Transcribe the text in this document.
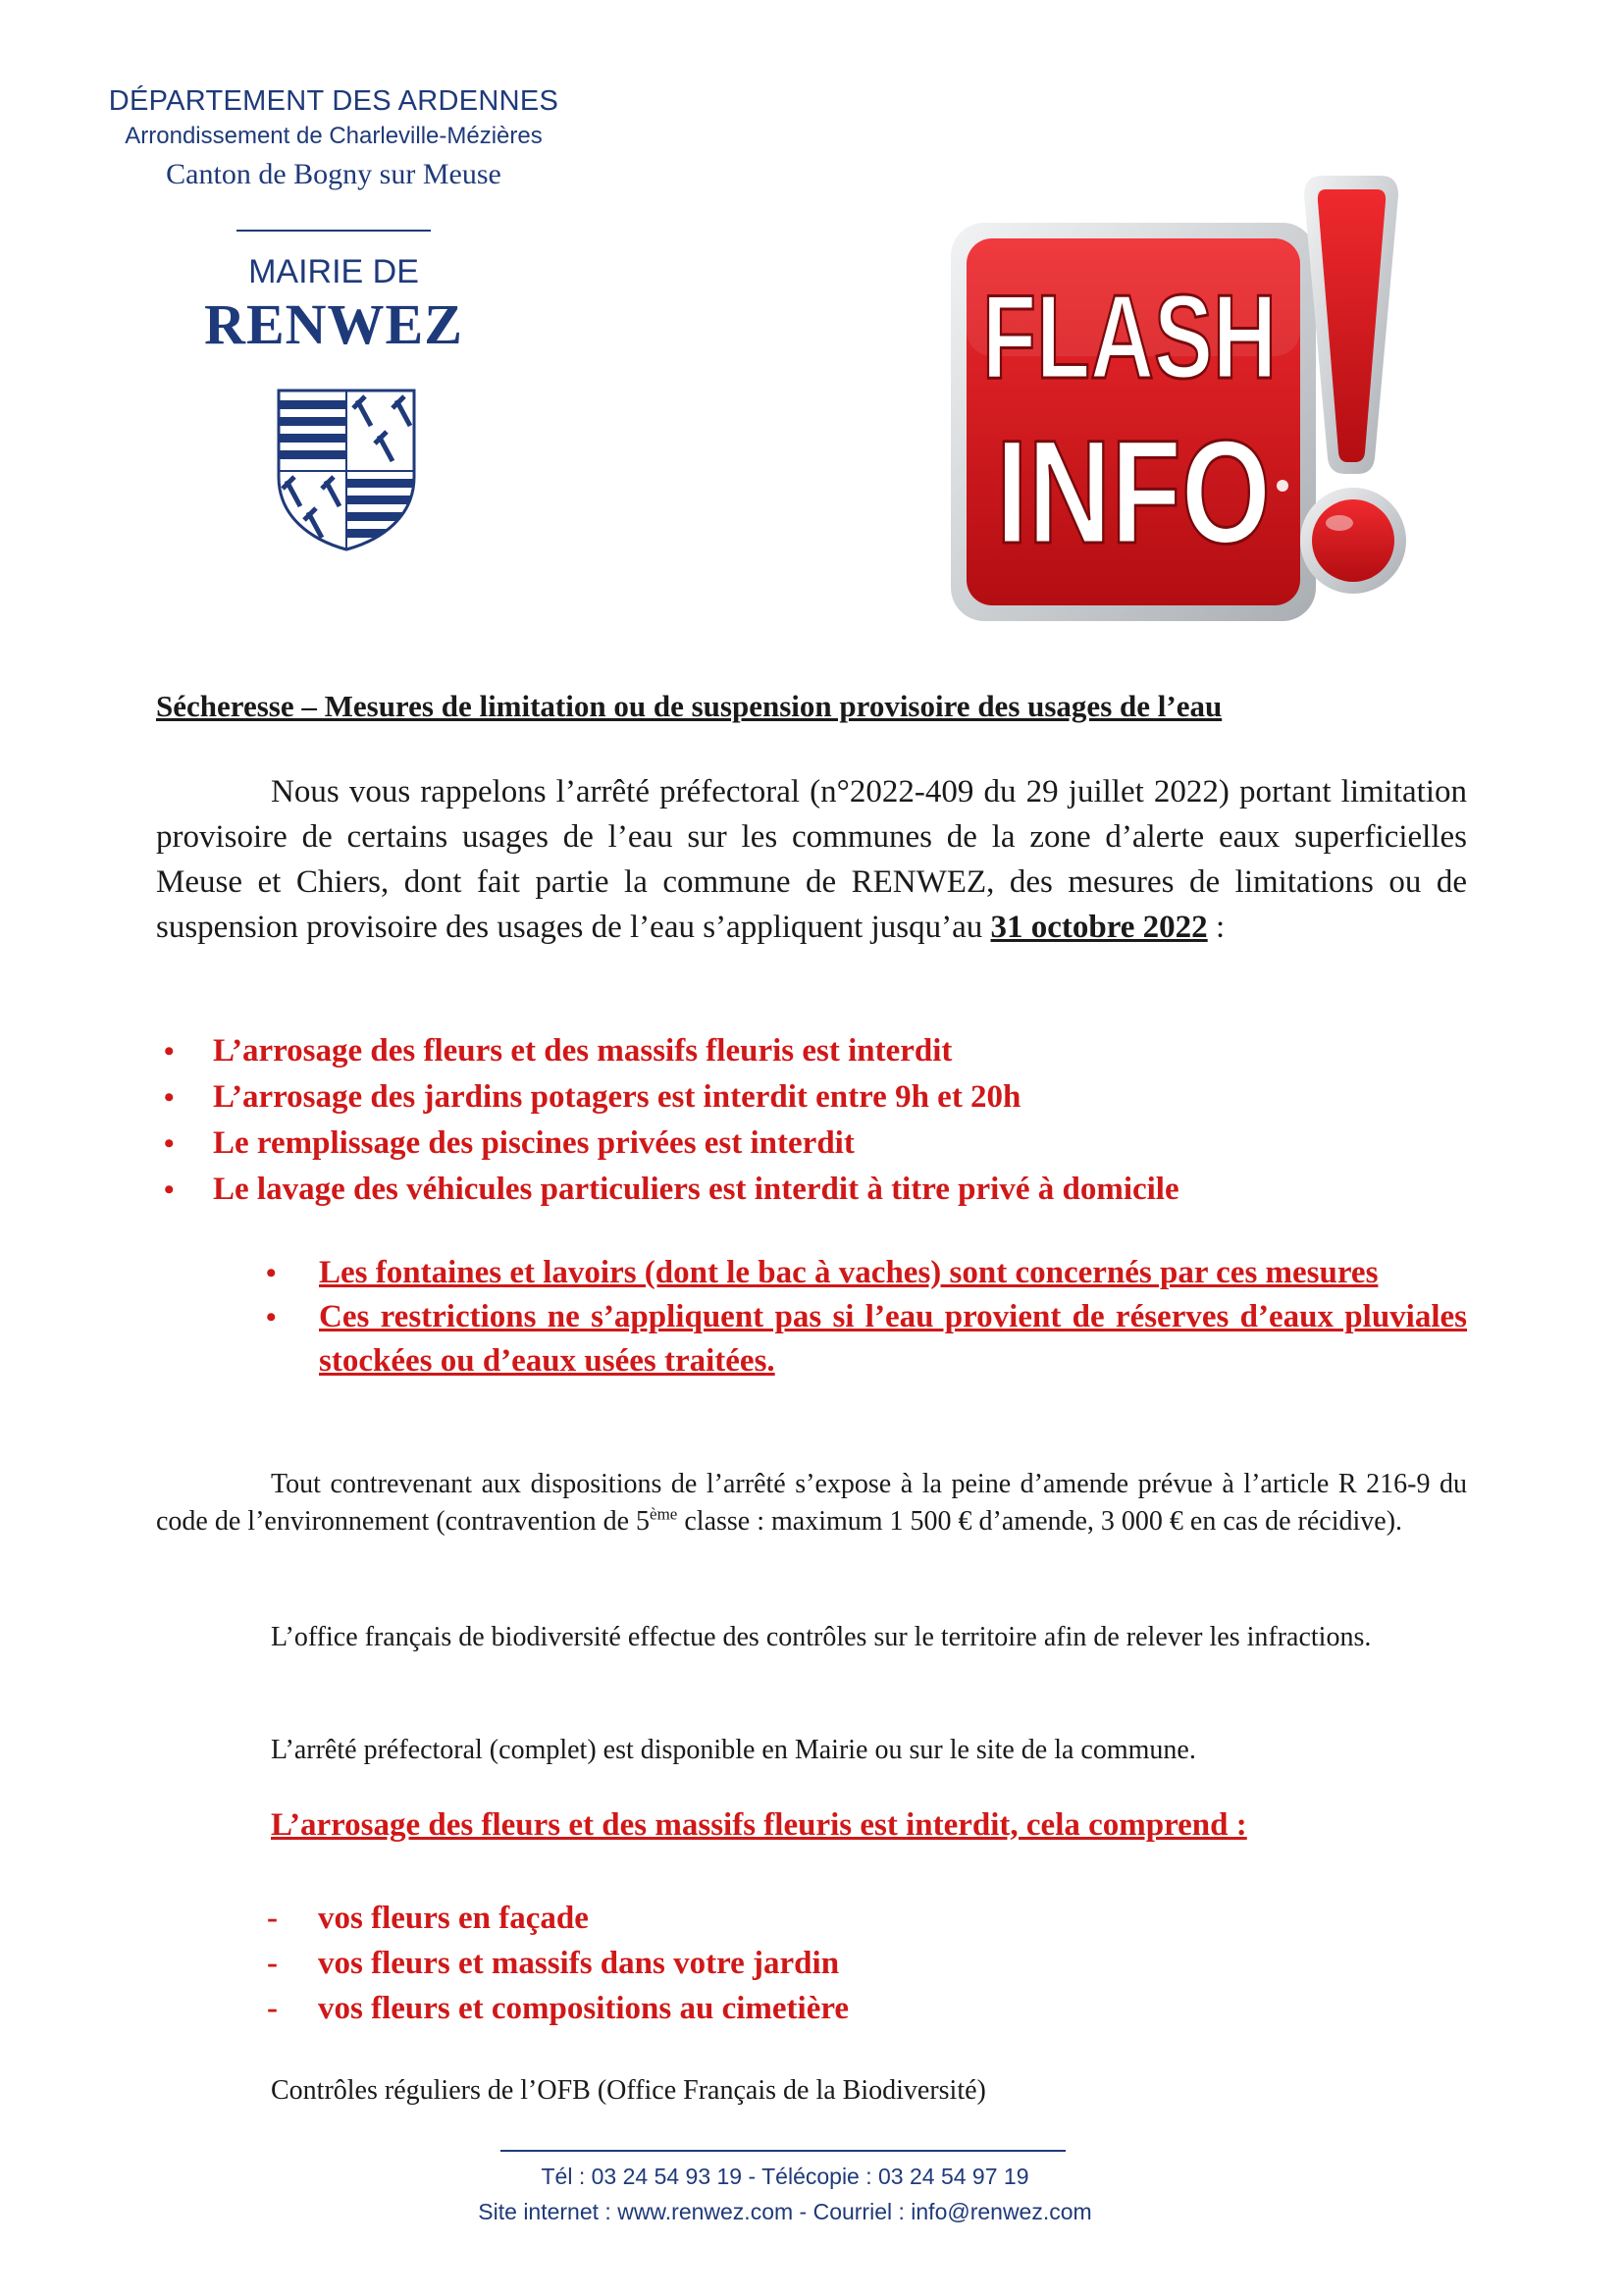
DÉPARTEMENT DES ARDENNES
Arrondissement de Charleville-Mézières
Canton de Bogny sur Meuse
MAIRIE DE
RENWEZ	FLASH
INFO
Sécheresse – Mesures de limitation ou de suspension provisoire des usages de l’eau

Nous vous rappelons l’arrêté préfectoral (n°2022-409 du 29 juillet 2022) portant limitation provisoire de certains usages de l’eau sur les communes de la zone d’alerte eaux superficielles Meuse et Chiers, dont fait partie la commune de RENWEZ, des mesures de limitations ou de suspension provisoire des usages de l’eau s’appliquent jusqu’au 31 octobre 2022 :

• L’arrosage des fleurs et des massifs fleuris est interdit
• L’arrosage des jardins potagers est interdit entre 9h et 20h
• Le remplissage des piscines privées est interdit
• Le lavage des véhicules particuliers est interdit à titre privé à domicile
• Les fontaines et lavoirs (dont le bac à vaches) sont concernés par ces mesures
• Ces restrictions ne s’appliquent pas si l’eau provient de réserves d’eaux pluviales stockées ou d’eaux usées traitées.

Tout contrevenant aux dispositions de l’arrêté s’expose à la peine d’amende prévue à l’article R 216-9 du code de l’environnement (contravention de 5ème classe : maximum 1 500 € d’amende, 3 000 € en cas de récidive).

L’office français de biodiversité effectue des contrôles sur le territoire afin de relever les infractions.

L’arrêté préfectoral (complet) est disponible en Mairie ou sur le site de la commune.

L’arrosage des fleurs et des massifs fleuris est interdit, cela comprend :
- vos fleurs en façade
- vos fleurs et massifs dans votre jardin
- vos fleurs et compositions au cimetière
Contrôles réguliers de l’OFB (Office Français de la Biodiversité)
Tél : 03 24 54 93 19 - Télécopie : 03 24 54 97 19
Site internet : www.renwez.com - Courriel : info@renwez.com
